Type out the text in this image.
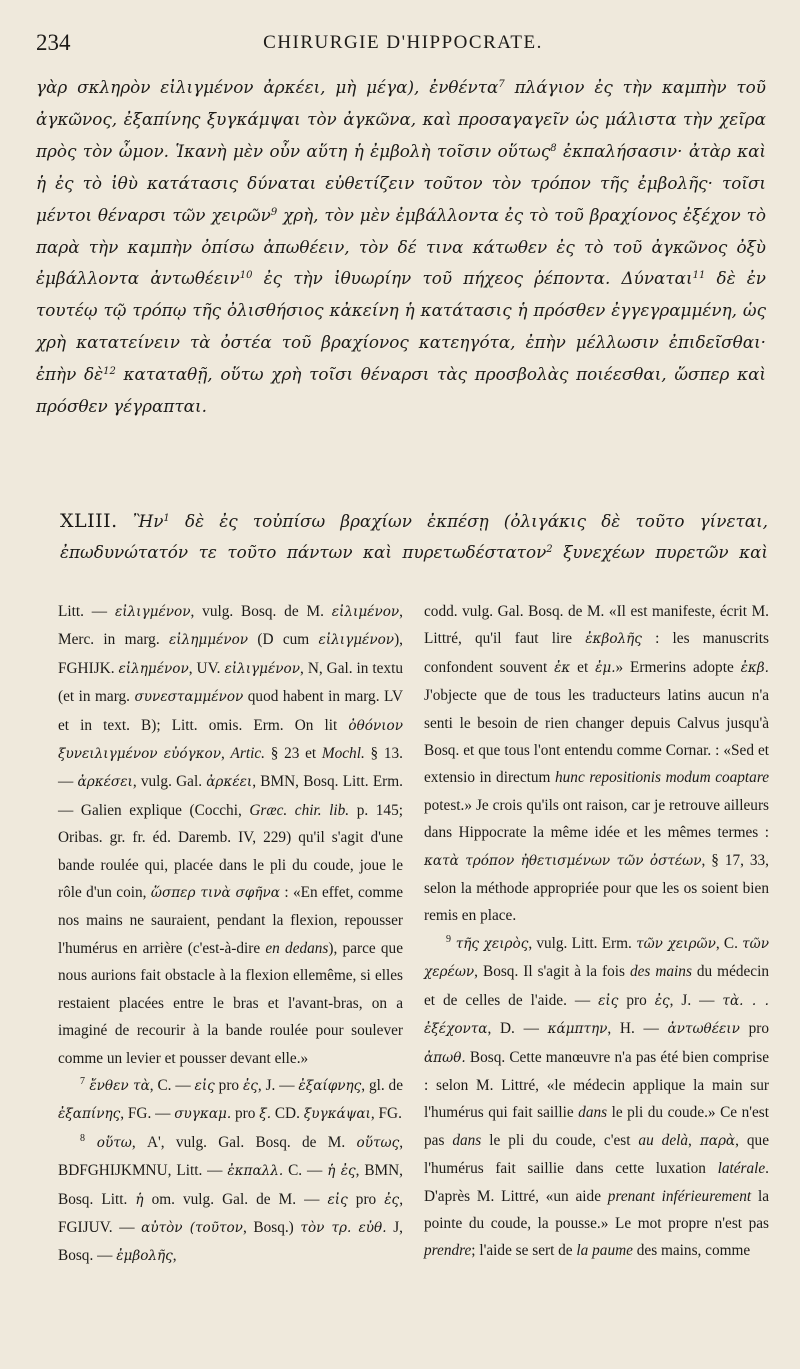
234	CHIRURGIE D'HIPPOCRATE.

γὰρ σκληρὸν εἰλιγμένον ἀρκέει, μὴ μέγα), ἐνθέντα$^7$ πλάγιον ἐς τὴν καμπὴν τοῦ ἀγκῶνος, ἐξαπίνης ξυγκάμψαι τὸν ἀγκῶνα, καὶ προσαγαγεῖν ὡς μάλιστα τὴν χεῖρα πρὸς τὸν ὦμον. Ἱκανὴ μὲν οὖν αὕτη ἡ ἐμβολὴ τοῖσιν οὕτως$^8$ ἐκπαλήσασιν· ἀτὰρ καὶ ἡ ἐς τὸ ἰθὺ κατάτασις δύναται εὐθετίζειν τοῦτον τὸν τρόπον τῆς ἐμβολῆς· τοῖσι μέντοι θέναρσι τῶν χειρῶν$^9$ χρὴ, τὸν μὲν ἐμβάλλοντα ἐς τὸ τοῦ βραχίονος ἐξέχον τὸ παρὰ τὴν καμπὴν ὀπίσω ἀπωθέειν, τὸν δέ τινα κάτωθεν ἐς τὸ τοῦ ἀγκῶνος ὀξὺ ἐμβάλλοντα ἀντωθέειν$^{10}$ ἐς τὴν ἰθυωρίην τοῦ πήχεος ῥέποντα. Δύναται$^{11}$ δὲ ἐν τουτέῳ τῷ τρόπῳ τῆς ὀλισθήσιος κἀκείνη ἡ κατάτασις ἡ πρόσθεν ἐγγεγραμμένη, ὡς χρὴ κατατείνειν τὰ ὀστέα τοῦ βραχίονος κατεηγότα, ἐπὴν μέλλωσιν ἐπιδεῖσθαι· ἐπὴν δὲ$^{12}$ καταταθῇ, οὕτω χρὴ τοῖσι θέναρσι τὰς προσβολὰς ποιέεσθαι, ὥσπερ καὶ πρόσθεν γέγραπται.

XLIII. Ἢν$^1$ δὲ ἐς τοὐπίσω βραχίων ἐκπέσῃ (ὀλιγάκις δὲ τοῦτο γίνεται, ἐπωδυνώτατόν τε τοῦτο πάντων καὶ πυρετωδέστατον$^2$ ξυνεχέων πυρετῶν καὶ

Litt. — εἰλιγμένον, vulg. Bosq. de M. εἰλιμένον, Merc. in marg. εἰλημμένον (D cum εἰλιγμένον), FGHIJK. εἰλημένον, UV. εἰλιγμένον, N, Gal. in textu (et in marg. συνεσταμμένον quod habent in marg. LV et in text. B); Litt. omis. Erm. On lit ὀθόνιον ξυνειλιγμένον εὐόγκον, Artic. § 23 et Mochl. § 13.— ἀρκέσει, vulg. Gal. ἀρκέει, BMN, Bosq. Litt. Erm. — Galien explique (Cocchi, Græc. chir. lib. p. 145; Oribas. gr. fr. éd. Daremb. IV, 229) qu'il s'agit d'une bande roulée qui, placée dans le pli du coude, joue le rôle d'un coin, ὥσπερ τινὰ σφῆνα : «En effet, comme nos mains ne sauraient, pendant la flexion, repousser l'humérus en arrière (c'est-à-dire en dedans), parce que nous aurions fait obstacle à la flexion ellemême, si elles restaient placées entre le bras et l'avant-bras, on a imaginé de recourir à la bande roulée pour soulever comme un levier et pousser devant elle.»

$^7$ ἔνθεν τὰ, C. — εἰς pro ἐς, J. — ἐξαίφνης, gl. de ἐξαπίνης, FG. — συγκαμ. pro ξ. CD. ξυγκάψαι, FG.

$^8$ οὕτω, A', vulg. Gal. Bosq. de M. οὕτως, BDFGHIJKMNU, Litt. — ἐκπαλλ. C. — ἡ ἐς, BMN, Bosq. Litt. ἡ om. vulg. Gal. de M. — εἰς pro ἐς, FGIJUV. — αὐτὸν (τοῦτον, Bosq.) τὸν τρ. εὐθ. J, Bosq. — ἐμβολῆς,

codd. vulg. Gal. Bosq. de M. «Il est manifeste, écrit M. Littré, qu'il faut lire ἐκβολῆς : les manuscrits confondent souvent ἐκ et ἐμ.» Ermerins adopte ἐκβ. J'objecte que de tous les traducteurs latins aucun n'a senti le besoin de rien changer depuis Calvus jusqu'à Bosq. et que tous l'ont entendu comme Cornar. : «Sed et extensio in directum hunc repositionis modum coaptare potest.» Je crois qu'ils ont raison, car je retrouve ailleurs dans Hippocrate la même idée et les mêmes termes : κατὰ τρόπον ἠθετισμένων τῶν ὀστέων, § 17, 33, selon la méthode appropriée pour que les os soient bien remis en place.

$^9$ τῆς χειρὸς, vulg. Litt. Erm. τῶν χειρῶν, C. τῶν χερέων, Bosq. Il s'agit à la fois des mains du médecin et de celles de l'aide. — εἰς pro ἐς, J. — τὰ. . . ἐξέχοντα, D. — κάμπτην, H. — ἀντωθέειν pro ἀπωθ. Bosq. Cette manœuvre n'a pas été bien comprise : selon M. Littré, «le médecin applique la main sur l'humérus qui fait saillie dans le pli du coude.» Ce n'est pas dans le pli du coude, c'est au delà, παρὰ, que l'humérus fait saillie dans cette luxation latérale. D'après M. Littré, «un aide prenant inférieurement la pointe du coude, la pousse.» Le mot propre n'est pas prendre; l'aide se sert de la paume des mains, comme
